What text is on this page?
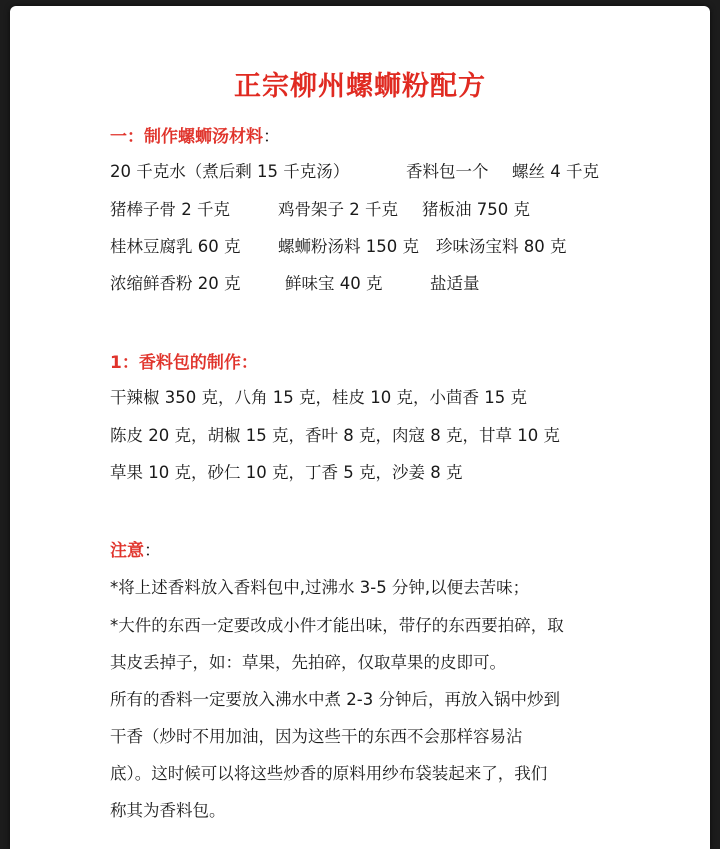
正宗柳州螺蛳粉配方
一：制作螺蛳汤材料：
20 千克水（煮后剩 15 千克汤）	香料包一个 螺丝 4 千克
猪棒子骨 2 千克	鸡骨架子 2 千克 猪板油 750 克
桂林豆腐乳 60 克 螺蛳粉汤料 150 克 珍味汤宝料 80 克
浓缩鲜香粉 20 克	鲜味宝 40 克	盐适量
1：香料包的制作：
干辣椒 350 克，八角 15 克，桂皮 10 克，小茴香 15 克
陈皮 20 克，胡椒 15 克，香叶 8 克，肉寇 8 克，甘草 10 克
草果 10 克，砂仁 10 克，丁香 5 克，沙姜 8 克
注意：
*将上述香料放入香料包中,过沸水 3-5 分钟,以便去苦味；
*大件的东西一定要改成小件才能出味，带仔的东西要拍碎，取
其皮丢掉子，如：草果，先拍碎，仅取草果的皮即可。
所有的香料一定要放入沸水中煮 2-3 分钟后，再放入锅中炒到
干香（炒时不用加油，因为这些干的东西不会那样容易沾
底）。这时候可以将这些炒香的原料用纱布袋装起来了，我们
称其为香料包。
